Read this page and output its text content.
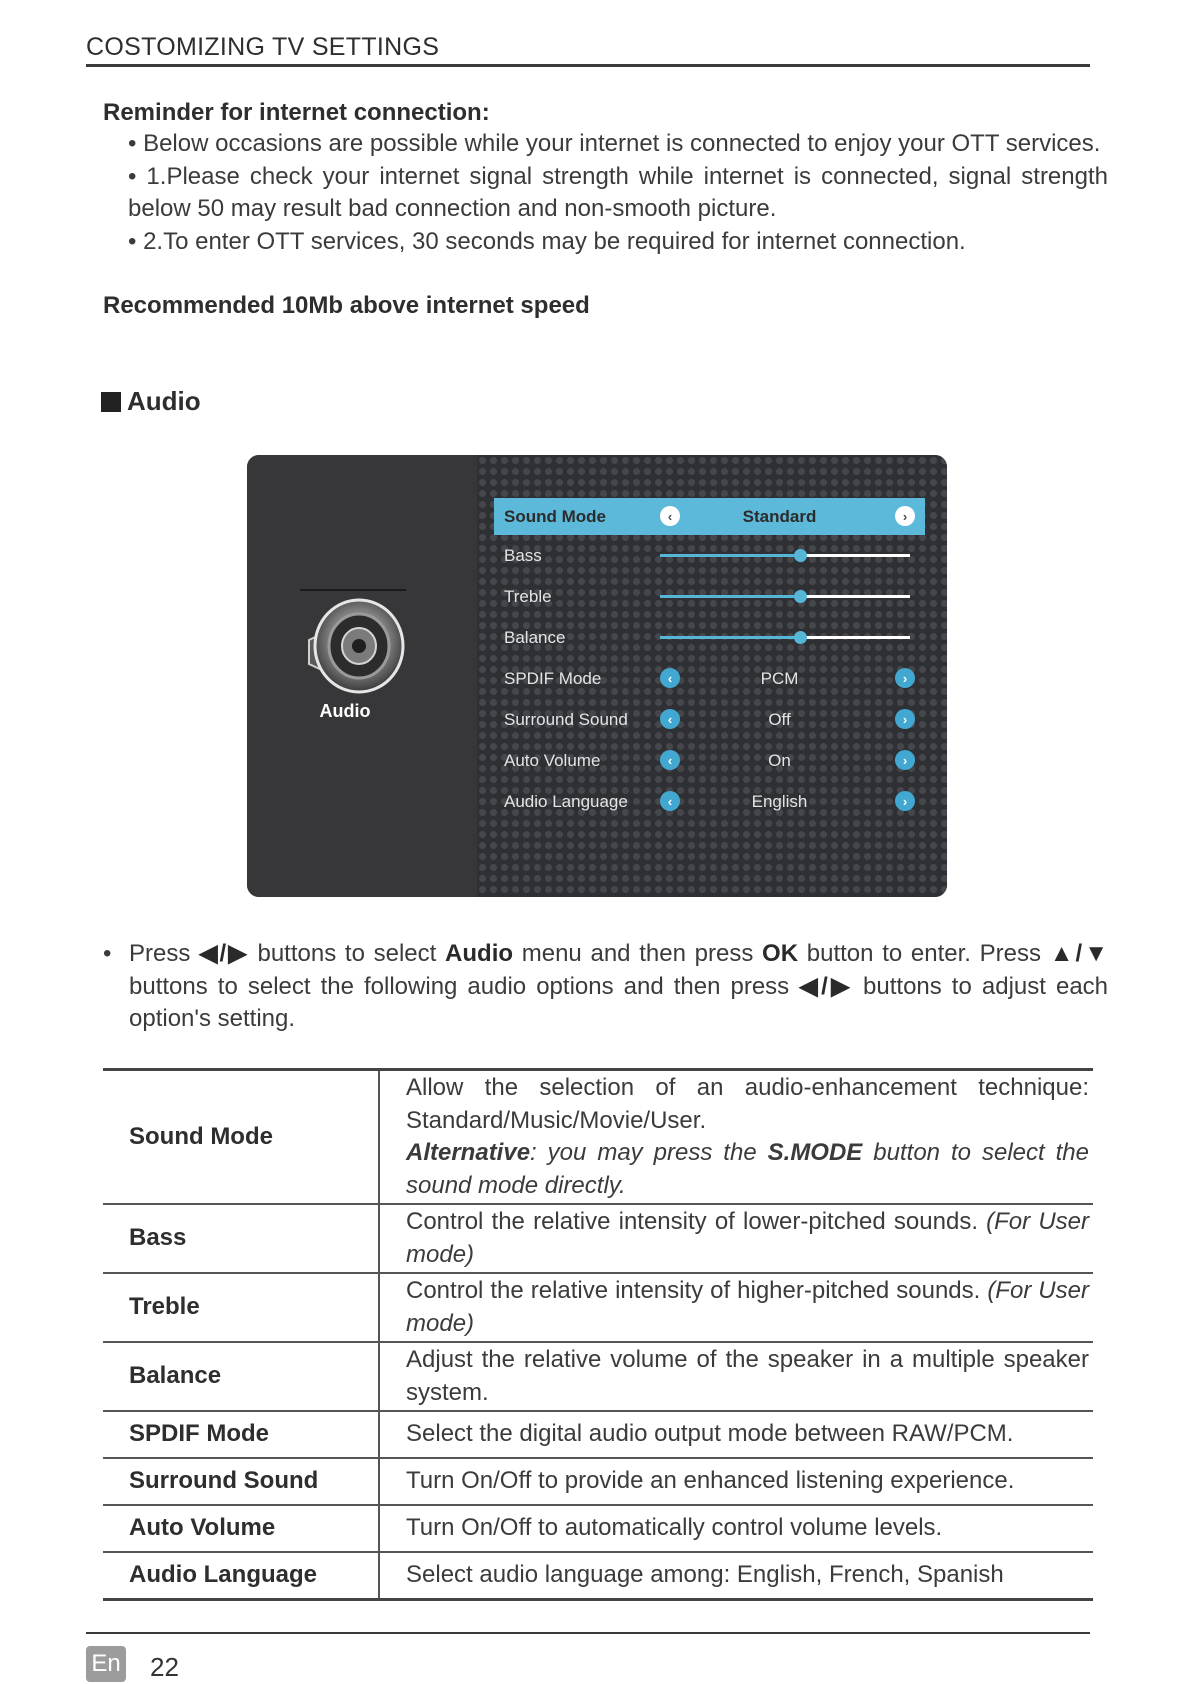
COSTOMIZING TV SETTINGS
Reminder for internet connection:

• Below occasions are possible while your internet is connected to enjoy your OTT services.

• 1.Please check your internet signal strength while internet is connected, signal strength below 50 may result bad connection and non-smooth picture.

• 2.To enter OTT services, 30 seconds may be required for internet connection.

Recommended 10Mb above internet speed
Audio
Audio
Sound Mode	‹	Standard	›
Bass
Treble
Balance
SPDIF Mode	‹	PCM	›
Surround Sound	‹	Off	›
Auto Volume	‹	On	›
Audio Language	‹	English	›
• Press ◀/▶ buttons to select Audio menu and then press OK button to enter. Press ▲/▼ buttons to select the following audio options and then press ◀/▶ buttons to adjust each option's setting.
Sound Mode	Allow the selection of an audio-enhancement technique: Standard/Music/Movie/User.
Alternative: you may press the S.MODE button to select the sound mode directly.
Bass	Control the relative intensity of lower-pitched sounds. (For User mode)
Treble	Control the relative intensity of higher-pitched sounds. (For User mode)
Balance	Adjust the relative volume of the speaker in a multiple speaker system.
SPDIF Mode	Select the digital audio output mode between RAW/PCM.
Surround Sound	Turn On/Off to provide an enhanced listening experience.
Auto Volume	Turn On/Off to automatically control volume levels.
Audio Language	Select audio language among: English, French, Spanish
En 22
